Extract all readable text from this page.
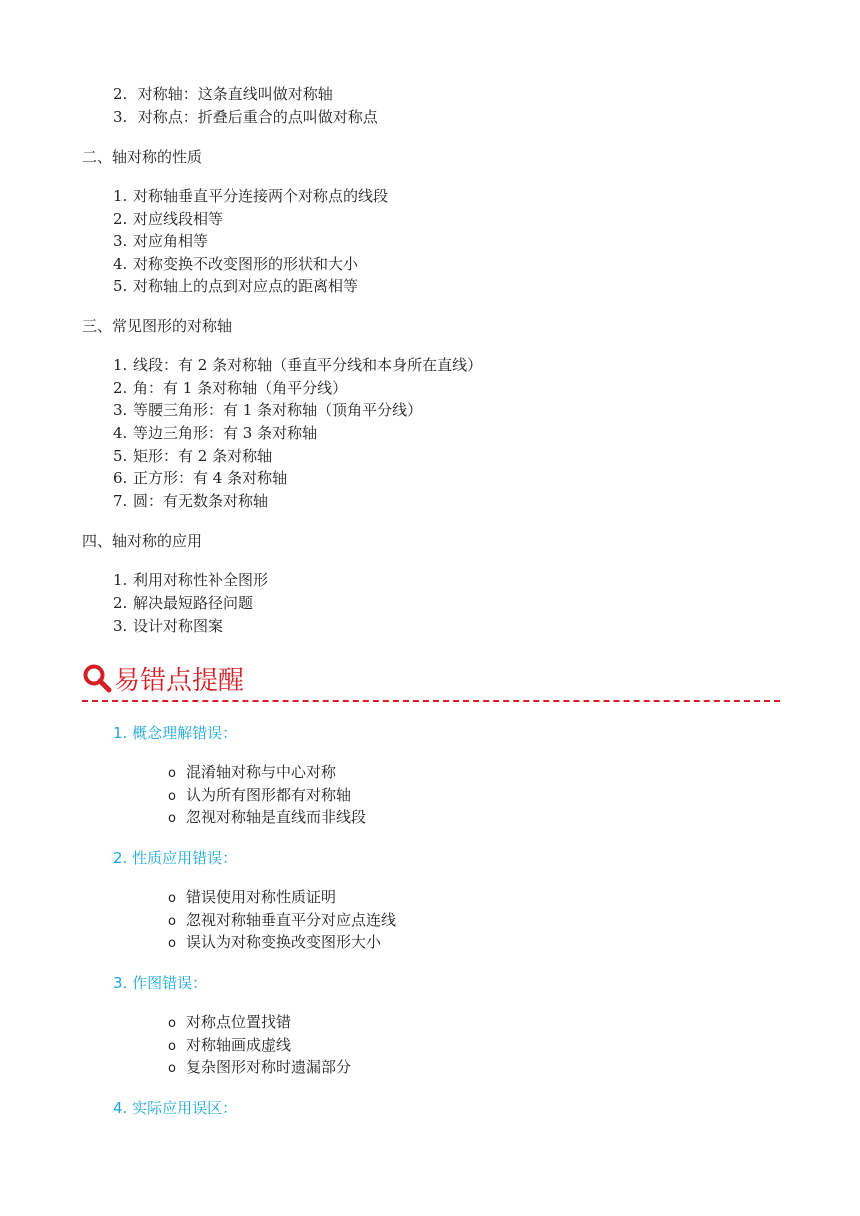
2. 对称轴：这条直线叫做对称轴
3. 对称点：折叠后重合的点叫做对称点
二、轴对称的性质
1. 对称轴垂直平分连接两个对称点的线段
2. 对应线段相等
3. 对应角相等
4. 对称变换不改变图形的形状和大小
5. 对称轴上的点到对应点的距离相等
三、常见图形的对称轴
1. 线段：有 2 条对称轴（垂直平分线和本身所在直线）
2. 角：有 1 条对称轴（角平分线）
3. 等腰三角形：有 1 条对称轴（顶角平分线）
4. 等边三角形：有 3 条对称轴
5. 矩形：有 2 条对称轴
6. 正方形：有 4 条对称轴
7. 圆：有无数条对称轴
四、轴对称的应用
1. 利用对称性补全图形
2. 解决最短路径问题
3. 设计对称图案
易错点提醒
1. 概念理解错误：
o 混淆轴对称与中心对称
o 认为所有图形都有对称轴
o 忽视对称轴是直线而非线段
2. 性质应用错误：
o 错误使用对称性质证明
o 忽视对称轴垂直平分对应点连线
o 误认为对称变换改变图形大小
3. 作图错误：
o 对称点位置找错
o 对称轴画成虚线
o 复杂图形对称时遗漏部分
4. 实际应用误区：
